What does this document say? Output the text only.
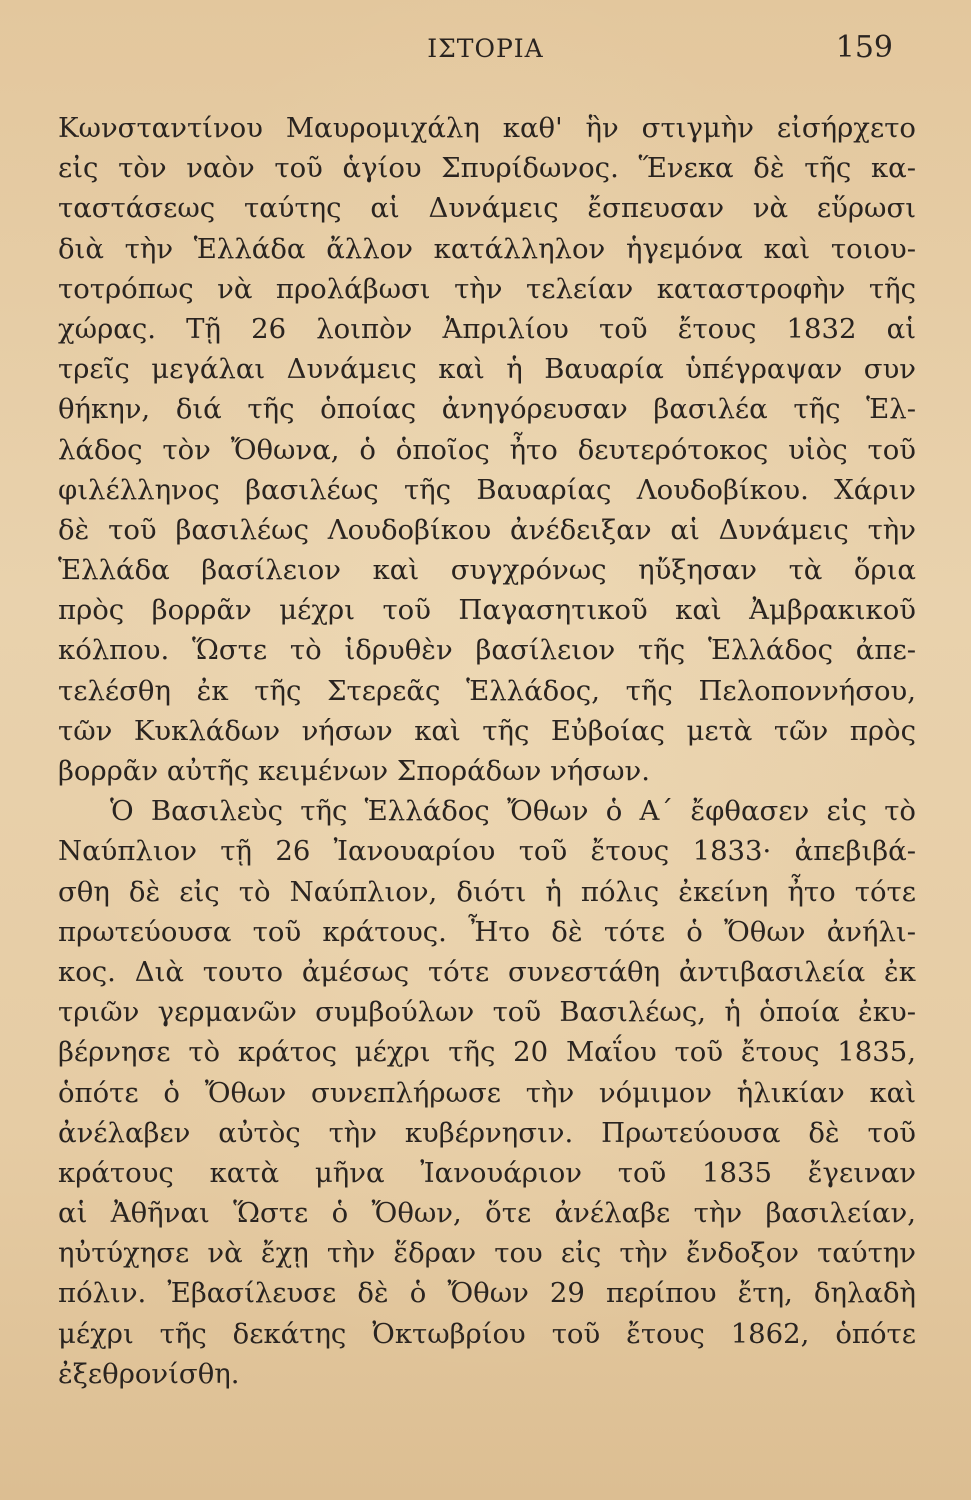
ΙΣΤΟΡΙΑ	159
Κωνσταντίνου Μαυρομιχάλη καθ' ἣν στιγμὴν εἰσήρχετο
εἰς τὸν ναὸν τοῦ ἁγίου Σπυρίδωνος. Ἕνεκα δὲ τῆς κα-
ταστάσεως ταύτης αἱ Δυνάμεις ἔσπευσαν νὰ εὕρωσι
διὰ τὴν Ἑλλάδα ἄλλον κατάλληλον ἡγεμόνα καὶ τοιου-
τοτρόπως νὰ προλάβωσι τὴν τελείαν καταστροφὴν τῆς
χώρας. Τῇ 26 λοιπὸν Ἀπριλίου τοῦ ἔτους 1832 αἱ
τρεῖς μεγάλαι Δυνάμεις καὶ ἡ Βαυαρία ὑπέγραψαν συν
θήκην, διά τῆς ὁποίας ἀνηγόρευσαν βασιλέα τῆς Ἑλ-
λάδος τὸν Ὄθωνα, ὁ ὁποῖος ἦτο δευτερότοκος υἱὸς τοῦ
φιλέλληνος βασιλέως τῆς Βαυαρίας Λουδοβίκου. Χάριν
δὲ τοῦ βασιλέως Λουδοβίκου ἀνέδειξαν αἱ Δυνάμεις τὴν
Ἑλλάδα βασίλειον καὶ συγχρόνως ηὔξησαν τὰ ὅρια
πρὸς βορρᾶν μέχρι τοῦ Παγασητικοῦ καὶ Ἀμβρακικοῦ
κόλπου. Ὥστε τὸ ἱδρυθὲν βασίλειον τῆς Ἑλλάδος ἀπε-
τελέσθη ἐκ τῆς Στερεᾶς Ἑλλάδος, τῆς Πελοποννήσου,
τῶν Κυκλάδων νήσων καὶ τῆς Εὐβοίας μετὰ τῶν πρὸς
βορρᾶν αὐτῆς κειμένων Σποράδων νήσων.
Ὁ Βασιλεὺς τῆς Ἑλλάδος Ὄθων ὁ Α΄ ἔφθασεν εἰς τὸ
Ναύπλιον τῇ 26 Ἰανουαρίου τοῦ ἔτους 1833· ἀπεβιβά-
σθη δὲ εἰς τὸ Ναύπλιον, διότι ἡ πόλις ἐκείνη ἦτο τότε
πρωτεύουσα τοῦ κράτους. Ἦτο δὲ τότε ὁ Ὄθων ἀνήλι-
κος. Διὰ τουτο ἀμέσως τότε συνεστάθη ἀντιβασιλεία ἐκ
τριῶν γερμανῶν συμβούλων τοῦ Βασιλέως, ἡ ὁποία ἐκυ-
βέρνησε τὸ κράτος μέχρι τῆς 20 Μαΐου τοῦ ἔτους 1835,
ὁπότε ὁ Ὄθων συνεπλήρωσε τὴν νόμιμον ἡλικίαν καὶ
ἀνέλαβεν αὐτὸς τὴν κυβέρνησιν. Πρωτεύουσα δὲ τοῦ
κράτους κατὰ μῆνα Ἰανουάριον τοῦ 1835 ἔγειναν
αἱ Ἀθῆναι Ὥστε ὁ Ὄθων, ὅτε ἀνέλαβε τὴν βασιλείαν,
ηὐτύχησε νὰ ἔχῃ τὴν ἕδραν του εἰς τὴν ἔνδοξον ταύτην
πόλιν. Ἐβασίλευσε δὲ ὁ Ὄθων 29 περίπου ἔτη, δηλαδὴ
μέχρι τῆς δεκάτης Ὀκτωβρίου τοῦ ἔτους 1862, ὁπότε
ἐξεθρονίσθη.
